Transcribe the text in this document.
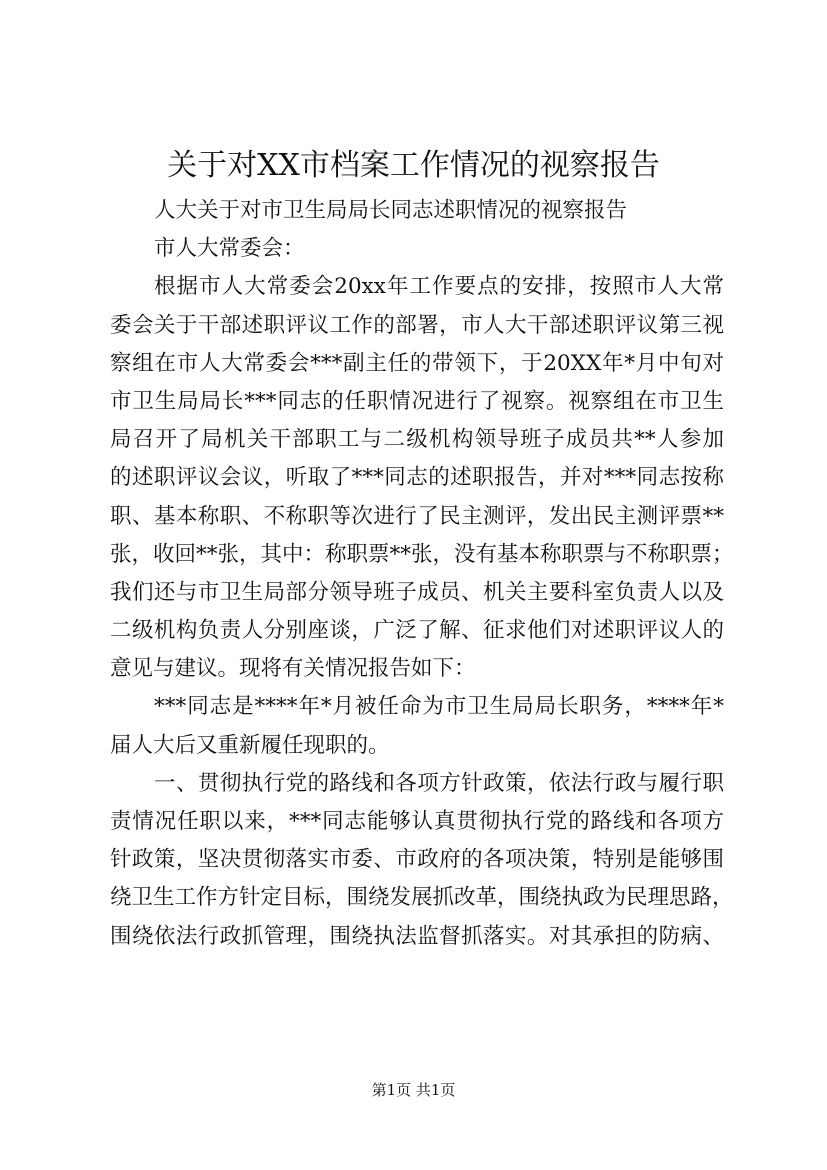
关于对XX市档案工作情况的视察报告
人大关于对市卫生局局长同志述职情况的视察报告
市人大常委会：
根据市人大常委会20xx年工作要点的安排，按照市人大常
委会关于干部述职评议工作的部署，市人大干部述职评议第三视
察组在市人大常委会***副主任的带领下，于20XX年*月中旬对
市卫生局局长***同志的任职情况进行了视察。视察组在市卫生
局召开了局机关干部职工与二级机构领导班子成员共**人参加
的述职评议会议，听取了***同志的述职报告，并对***同志按称
职、基本称职、不称职等次进行了民主测评，发出民主测评票**
张，收回**张，其中：称职票**张，没有基本称职票与不称职票；
我们还与市卫生局部分领导班子成员、机关主要科室负责人以及
二级机构负责人分别座谈，广泛了解、征求他们对述职评议人的
意见与建议。现将有关情况报告如下：
***同志是****年*月被任命为市卫生局局长职务，****年*
届人大后又重新履任现职的。
一、贯彻执行党的路线和各项方针政策，依法行政与履行职
责情况任职以来，***同志能够认真贯彻执行党的路线和各项方
针政策，坚决贯彻落实市委、市政府的各项决策，特别是能够围
绕卫生工作方针定目标，围绕发展抓改革，围绕执政为民理思路，
围绕依法行政抓管理，围绕执法监督抓落实。对其承担的防病、
第1页 共1页
